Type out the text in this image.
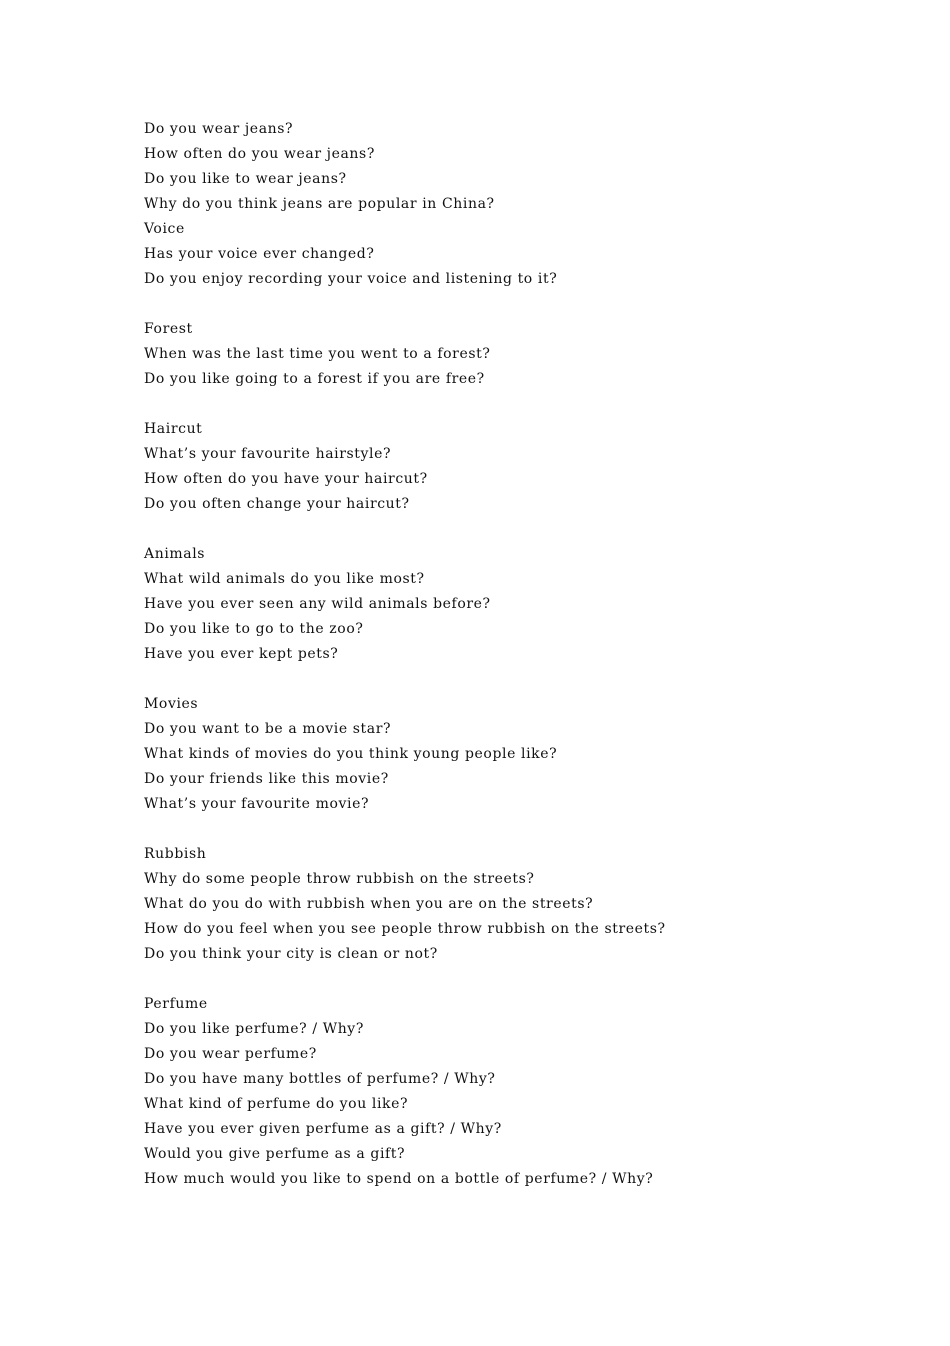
Do you wear jeans?
How often do you wear jeans?
Do you like to wear jeans?
Why do you think jeans are popular in China?
Voice
Has your voice ever changed?
Do you enjoy recording your voice and listening to it?
Forest
When was the last time you went to a forest?
Do you like going to a forest if you are free?
Haircut
What’s your favourite hairstyle?
How often do you have your haircut?
Do you often change your haircut?
Animals
What wild animals do you like most?
Have you ever seen any wild animals before?
Do you like to go to the zoo?
Have you ever kept pets?
Movies
Do you want to be a movie star?
What kinds of movies do you think young people like?
Do your friends like this movie?
What’s your favourite movie?
Rubbish
Why do some people throw rubbish on the streets?
What do you do with rubbish when you are on the streets?
How do you feel when you see people throw rubbish on the streets?
Do you think your city is clean or not?
Perfume
Do you like perfume? / Why?
Do you wear perfume?
Do you have many bottles of perfume? / Why?
What kind of perfume do you like?
Have you ever given perfume as a gift? / Why?
Would you give perfume as a gift?
How much would you like to spend on a bottle of perfume? / Why?
